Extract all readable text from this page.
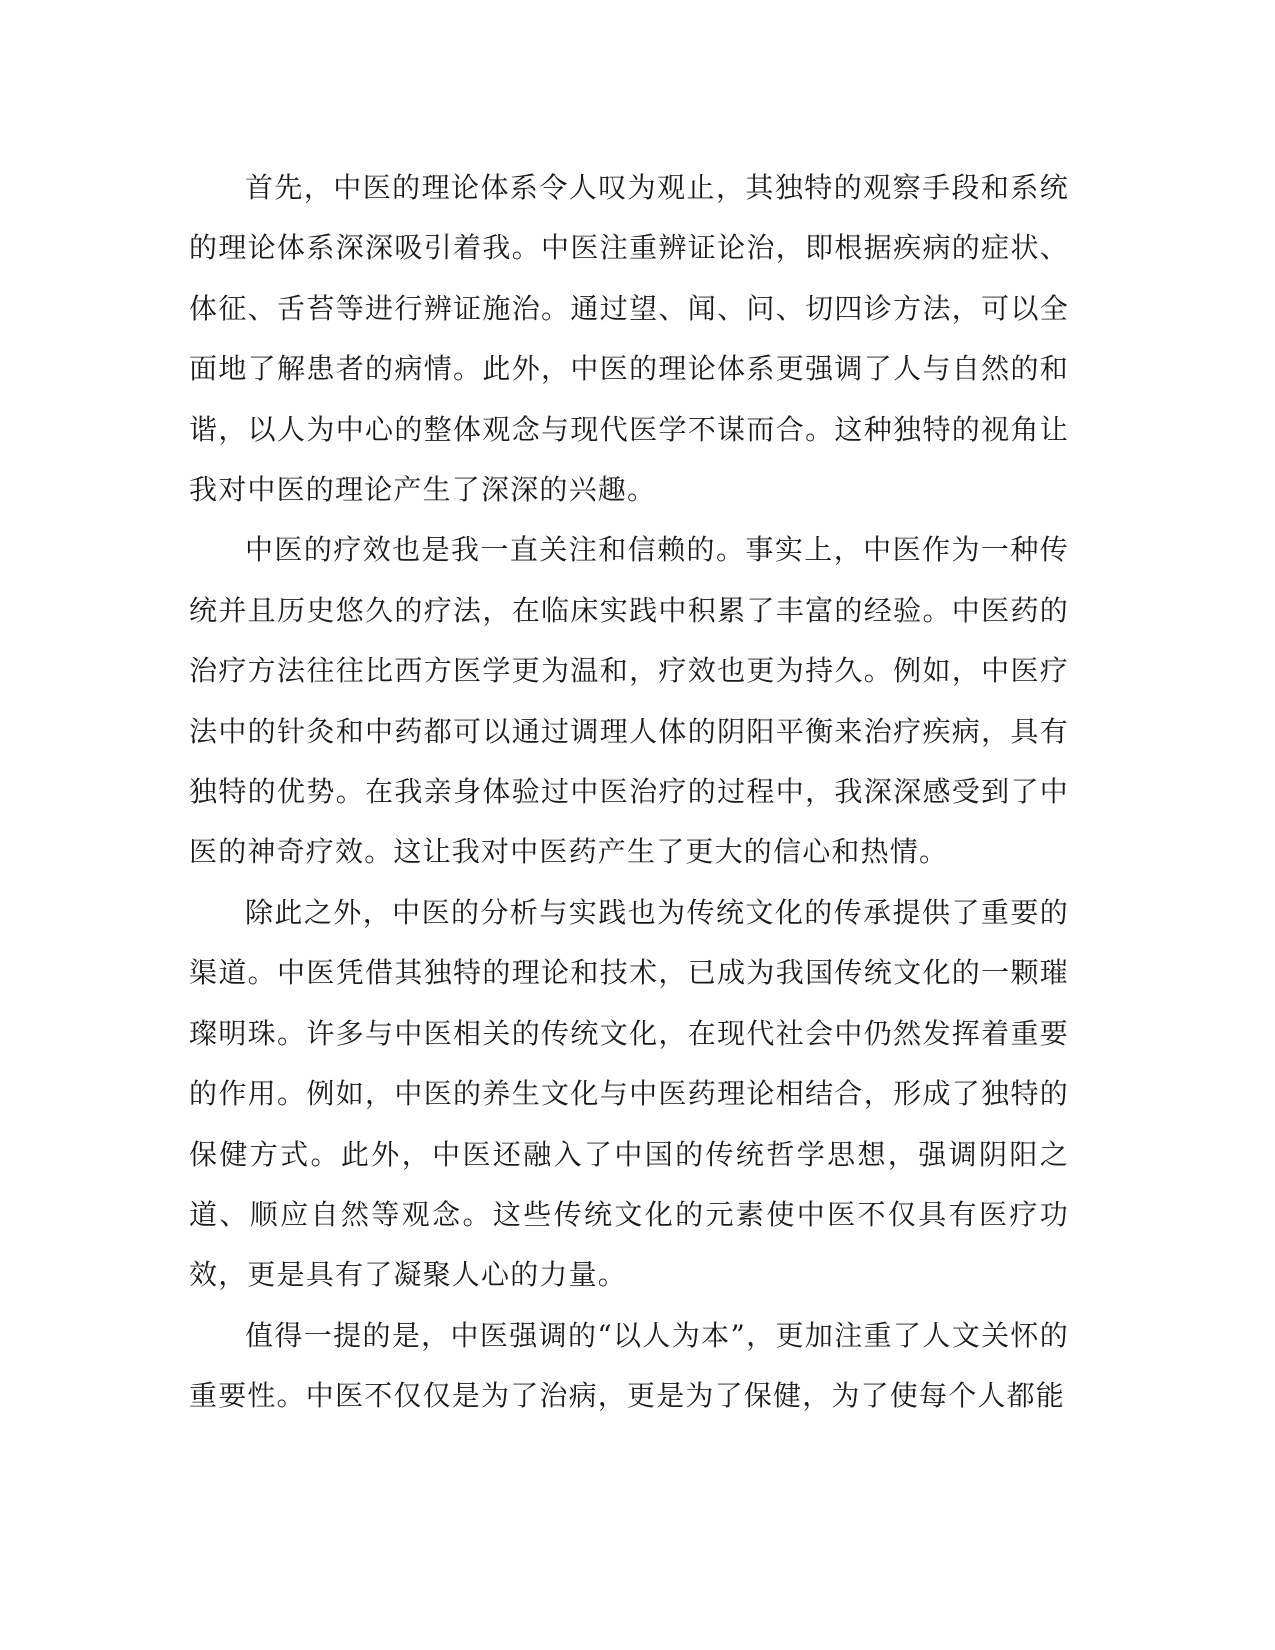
首先，中医的理论体系令人叹为观止，其独特的观察手段和系统的理论体系深深吸引着我。中医注重辨证论治，即根据疾病的症状、体征、舌苔等进行辨证施治。通过望、闻、问、切四诊方法，可以全面地了解患者的病情。此外，中医的理论体系更强调了人与自然的和谐，以人为中心的整体观念与现代医学不谋而合。这种独特的视角让我对中医的理论产生了深深的兴趣。

中医的疗效也是我一直关注和信赖的。事实上，中医作为一种传统并且历史悠久的疗法，在临床实践中积累了丰富的经验。中医药的治疗方法往往比西方医学更为温和，疗效也更为持久。例如，中医疗法中的针灸和中药都可以通过调理人体的阴阳平衡来治疗疾病，具有独特的优势。在我亲身体验过中医治疗的过程中，我深深感受到了中医的神奇疗效。这让我对中医药产生了更大的信心和热情。

除此之外，中医的分析与实践也为传统文化的传承提供了重要的渠道。中医凭借其独特的理论和技术，已成为我国传统文化的一颗璀璨明珠。许多与中医相关的传统文化，在现代社会中仍然发挥着重要的作用。例如，中医的养生文化与中医药理论相结合，形成了独特的保健方式。此外，中医还融入了中国的传统哲学思想，强调阴阳之道、顺应自然等观念。这些传统文化的元素使中医不仅具有医疗功效，更是具有了凝聚人心的力量。

值得一提的是，中医强调的“以人为本”，更加注重了人文关怀的重要性。中医不仅仅是为了治病，更是为了保健，为了使每个人都能
